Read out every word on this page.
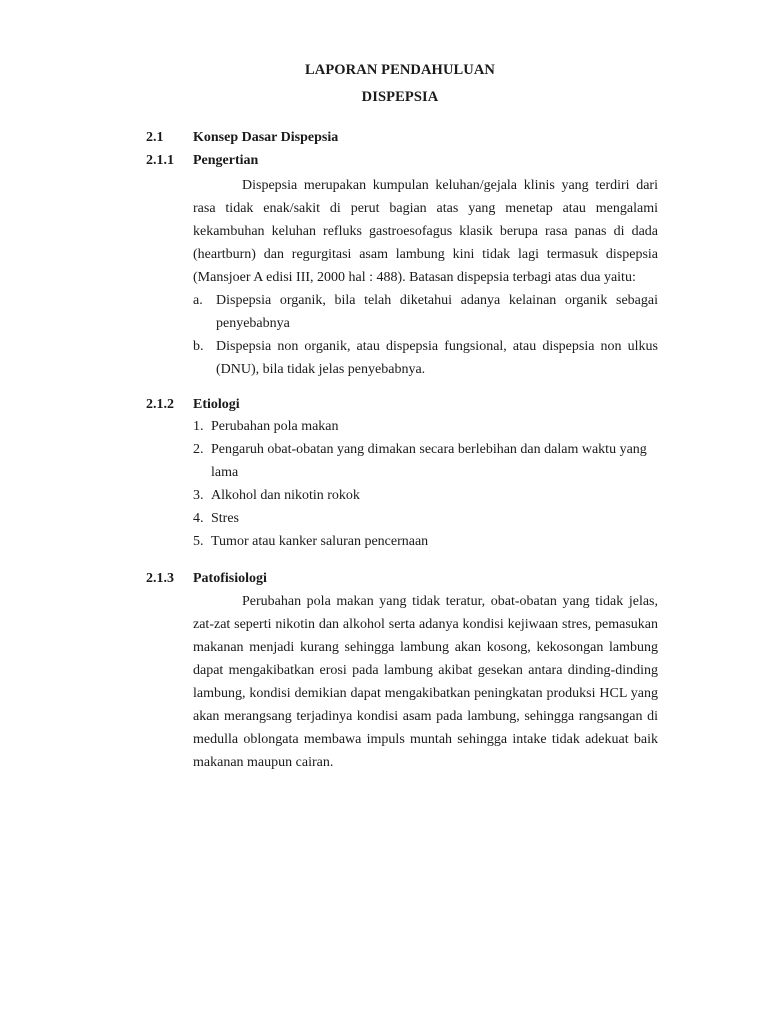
LAPORAN PENDAHULUAN
DISPEPSIA
2.1 Konsep Dasar Dispepsia
2.1.1 Pengertian

Dispepsia merupakan kumpulan keluhan/gejala klinis yang terdiri dari rasa tidak enak/sakit di perut bagian atas yang menetap atau mengalami kekambuhan keluhan refluks gastroesofagus klasik berupa rasa panas di dada (heartburn) dan regurgitasi asam lambung kini tidak lagi termasuk dispepsia (Mansjoer A edisi III, 2000 hal : 488). Batasan dispepsia terbagi atas dua yaitu:

a. Dispepsia organik, bila telah diketahui adanya kelainan organik sebagai penyebabnya
b. Dispepsia non organik, atau dispepsia fungsional, atau dispepsia non ulkus (DNU), bila tidak jelas penyebabnya.
2.1.2 Etiologi
1. Perubahan pola makan
2. Pengaruh obat-obatan yang dimakan secara berlebihan dan dalam waktu yang lama
3. Alkohol dan nikotin rokok
4. Stres
5. Tumor atau kanker saluran pencernaan
2.1.3 Patofisiologi

Perubahan pola makan yang tidak teratur, obat-obatan yang tidak jelas, zat-zat seperti nikotin dan alkohol serta adanya kondisi kejiwaan stres, pemasukan makanan menjadi kurang sehingga lambung akan kosong, kekosongan lambung dapat mengakibatkan erosi pada lambung akibat gesekan antara dinding-dinding lambung, kondisi demikian dapat mengakibatkan peningkatan produksi HCL yang akan merangsang terjadinya kondisi asam pada lambung, sehingga rangsangan di medulla oblongata membawa impuls muntah sehingga intake tidak adekuat baik makanan maupun cairan.
